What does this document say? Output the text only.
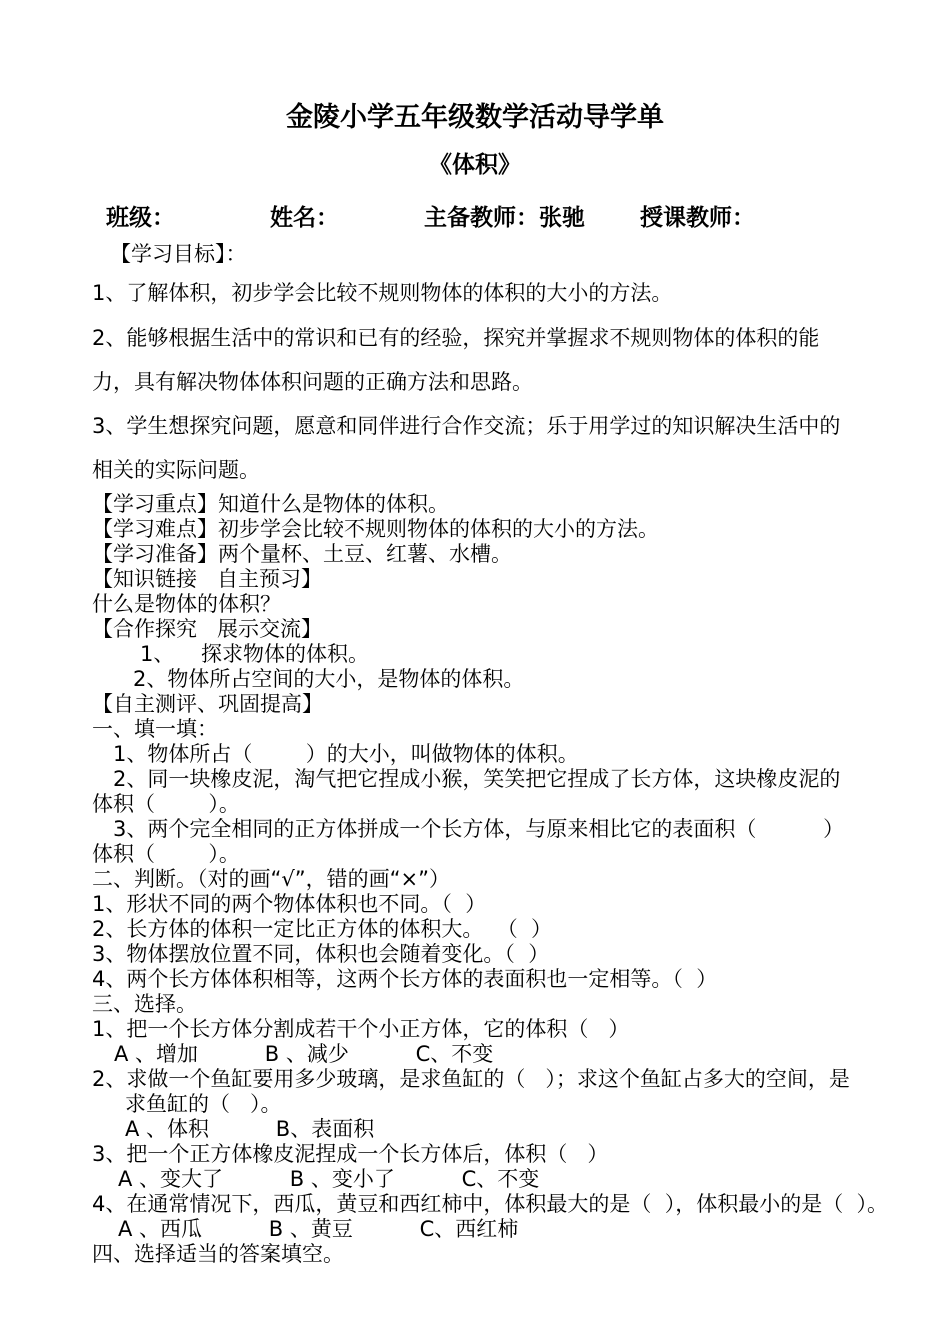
金陵小学五年级数学活动导学单
《体积》
班级：	姓名：	主备教师：张驰 授课教师：
【学习目标】：
1、了解体积，初步学会比较不规则物体的体积的大小的方法。
2、能够根据生活中的常识和已有的经验，探究并掌握求不规则物体的体积的能
力，具有解决物体体积问题的正确方法和思路。
3、学生想探究问题，愿意和同伴进行合作交流；乐于用学过的知识解决生活中的
相关的实际问题。
【学习重点】知道什么是物体的体积。
【学习难点】初步学会比较不规则物体的体积的大小的方法。
【学习准备】两个量杯、土豆、红薯、水槽。
【知识链接   自主预习】
什么是物体的体积？
【合作探究   展示交流】
1、    探求物体的体积。
2、物体所占空间的大小，是物体的体积。
【自主测评、巩固提高】
一、填一填：
1、物体所占（        ）的大小，叫做物体的体积。
2、同一块橡皮泥，淘气把它捏成小猴，笑笑把它捏成了长方体，这块橡皮泥的
体积（        ）。
3、两个完全相同的正方体拼成一个长方体，与原来相比它的表面积（          ）
体积（        ）。
二、判断。（对的画“√”，错的画“×”）
1、形状不同的两个物体体积也不同。（  ）
2、长方体的体积一定比正方体的体积大。  （  ）
3、物体摆放位置不同，体积也会随着变化。（  ）
4、两个长方体体积相等，这两个长方体的表面积也一定相等。（  ）
三、选择。
1、把一个长方体分割成若干个小正方体，它的体积（   ）
A 、增加          B 、减少          C、不变
2、求做一个鱼缸要用多少玻璃，是求鱼缸的（   ）；求这个鱼缸占多大的空间，是
求鱼缸的（   ）。
A 、体积          B、表面积
3、把一个正方体橡皮泥捏成一个长方体后，体积（   ）
A 、变大了          B 、变小了          C、不变
4、在通常情况下，西瓜，黄豆和西红柿中，体积最大的是（  ），体积最小的是（  ）。
A 、西瓜          B 、黄豆          C、西红柿
四、选择适当的答案填空。
